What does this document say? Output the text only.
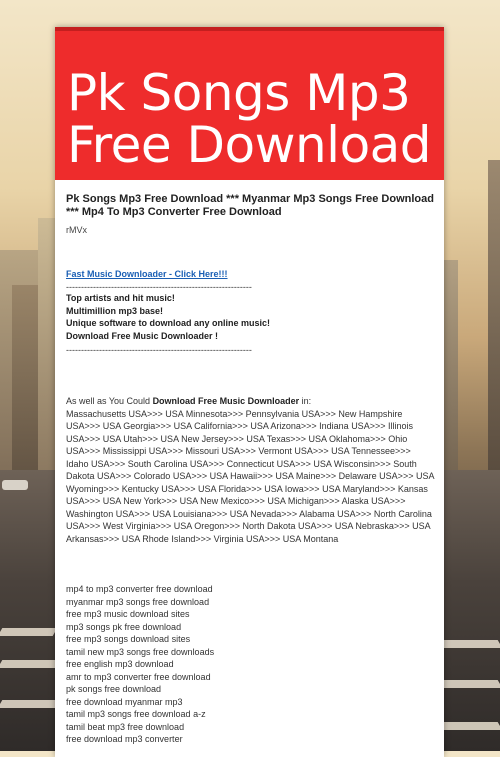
Pk Songs Mp3 Free Download

Pk Songs Mp3 Free Download *** Myanmar Mp3 Songs Free Download *** Mp4 To Mp3 Converter Free Download

rMVx
Fast Music Downloader - Click Here!!!
--------------------------------------------------------------
Top artists and hit music!
Multimillion mp3 base!
Unique software to download any online music!
Download Free Music Downloader !
--------------------------------------------------------------
As well as You Could Download Free Music Downloader in:
Massachusetts USA>>> USA Minnesota>>> Pennsylvania USA>>> New Hampshire USA>>> USA Georgia>>> USA California>>> USA Arizona>>> Indiana USA>>> Illinois USA>>> USA Utah>>> USA New Jersey>>> USA Texas>>> USA Oklahoma>>> Ohio USA>>> Mississippi USA>>> Missouri USA>>> Vermont USA>>> USA Tennessee>>> Idaho USA>>> South Carolina USA>>> Connecticut USA>>> USA Wisconsin>>> South Dakota USA>>> Colorado USA>>> USA Hawaii>>> USA Maine>>> Delaware USA>>> USA Wyoming>>> Kentucky USA>>> USA Florida>>> USA Iowa>>> USA Maryland>>> Kansas USA>>> USA New York>>> USA New Mexico>>> USA Michigan>>> Alaska USA>>> Washington USA>>> USA Louisiana>>> USA Nevada>>> Alabama USA>>> North Carolina USA>>> West Virginia>>> USA Oregon>>> North Dakota USA>>> USA Nebraska>>> USA Arkansas>>> USA Rhode Island>>> Virginia USA>>> USA Montana
mp4 to mp3 converter free download
myanmar mp3 songs free download
free mp3 music download sites
mp3 songs pk free download
free mp3 songs download sites
tamil new mp3 songs free downloads
free english mp3 download
amr to mp3 converter free download
pk songs free download
free download myanmar mp3
tamil mp3 songs free download a-z
tamil beat mp3 free download
free download mp3 converter
